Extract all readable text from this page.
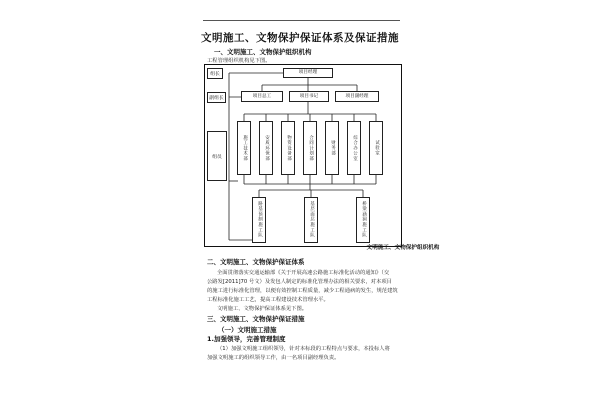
文明施工、文物保护保证体系及保证措施
一、文明施工、文物保护组织机构
工程管理组织机构见下图。
组长
副组长
组员
项目经理
项目总工	项目书记	项目副经理
施工技术部	安质环保部	物资设备部	合同计划部	财务部	综合办公室	试验室
路基预制施工队	基层面层施工队	桥梁涵洞施工队
文明施工、文物保护组织机构
二、文明施工、文物保护保证体系
全面贯彻落实交通运输部《关于开展高速公路施工标准化活动的通知》（交
公路发[2011]70 号文）及发包人制定的标准化管理办法的相关要求，对本项目
的施工进行标准化管理，以便有效控制工程质量，减少工程通病的发生，规范建筑
工程标准化施工工艺，提高工程建设技术管理水平。
文明施工、文物保护保证体系见下图。
三、文明施工、文物保护保证措施
（一）文明施工措施
1.加强领导，完善管理制度
（1）加强文明施工组织领导，针对本标段的工程特点与要求，本投标人将
加强文明施工的组织领导工作，由一名项目副经理负责。
